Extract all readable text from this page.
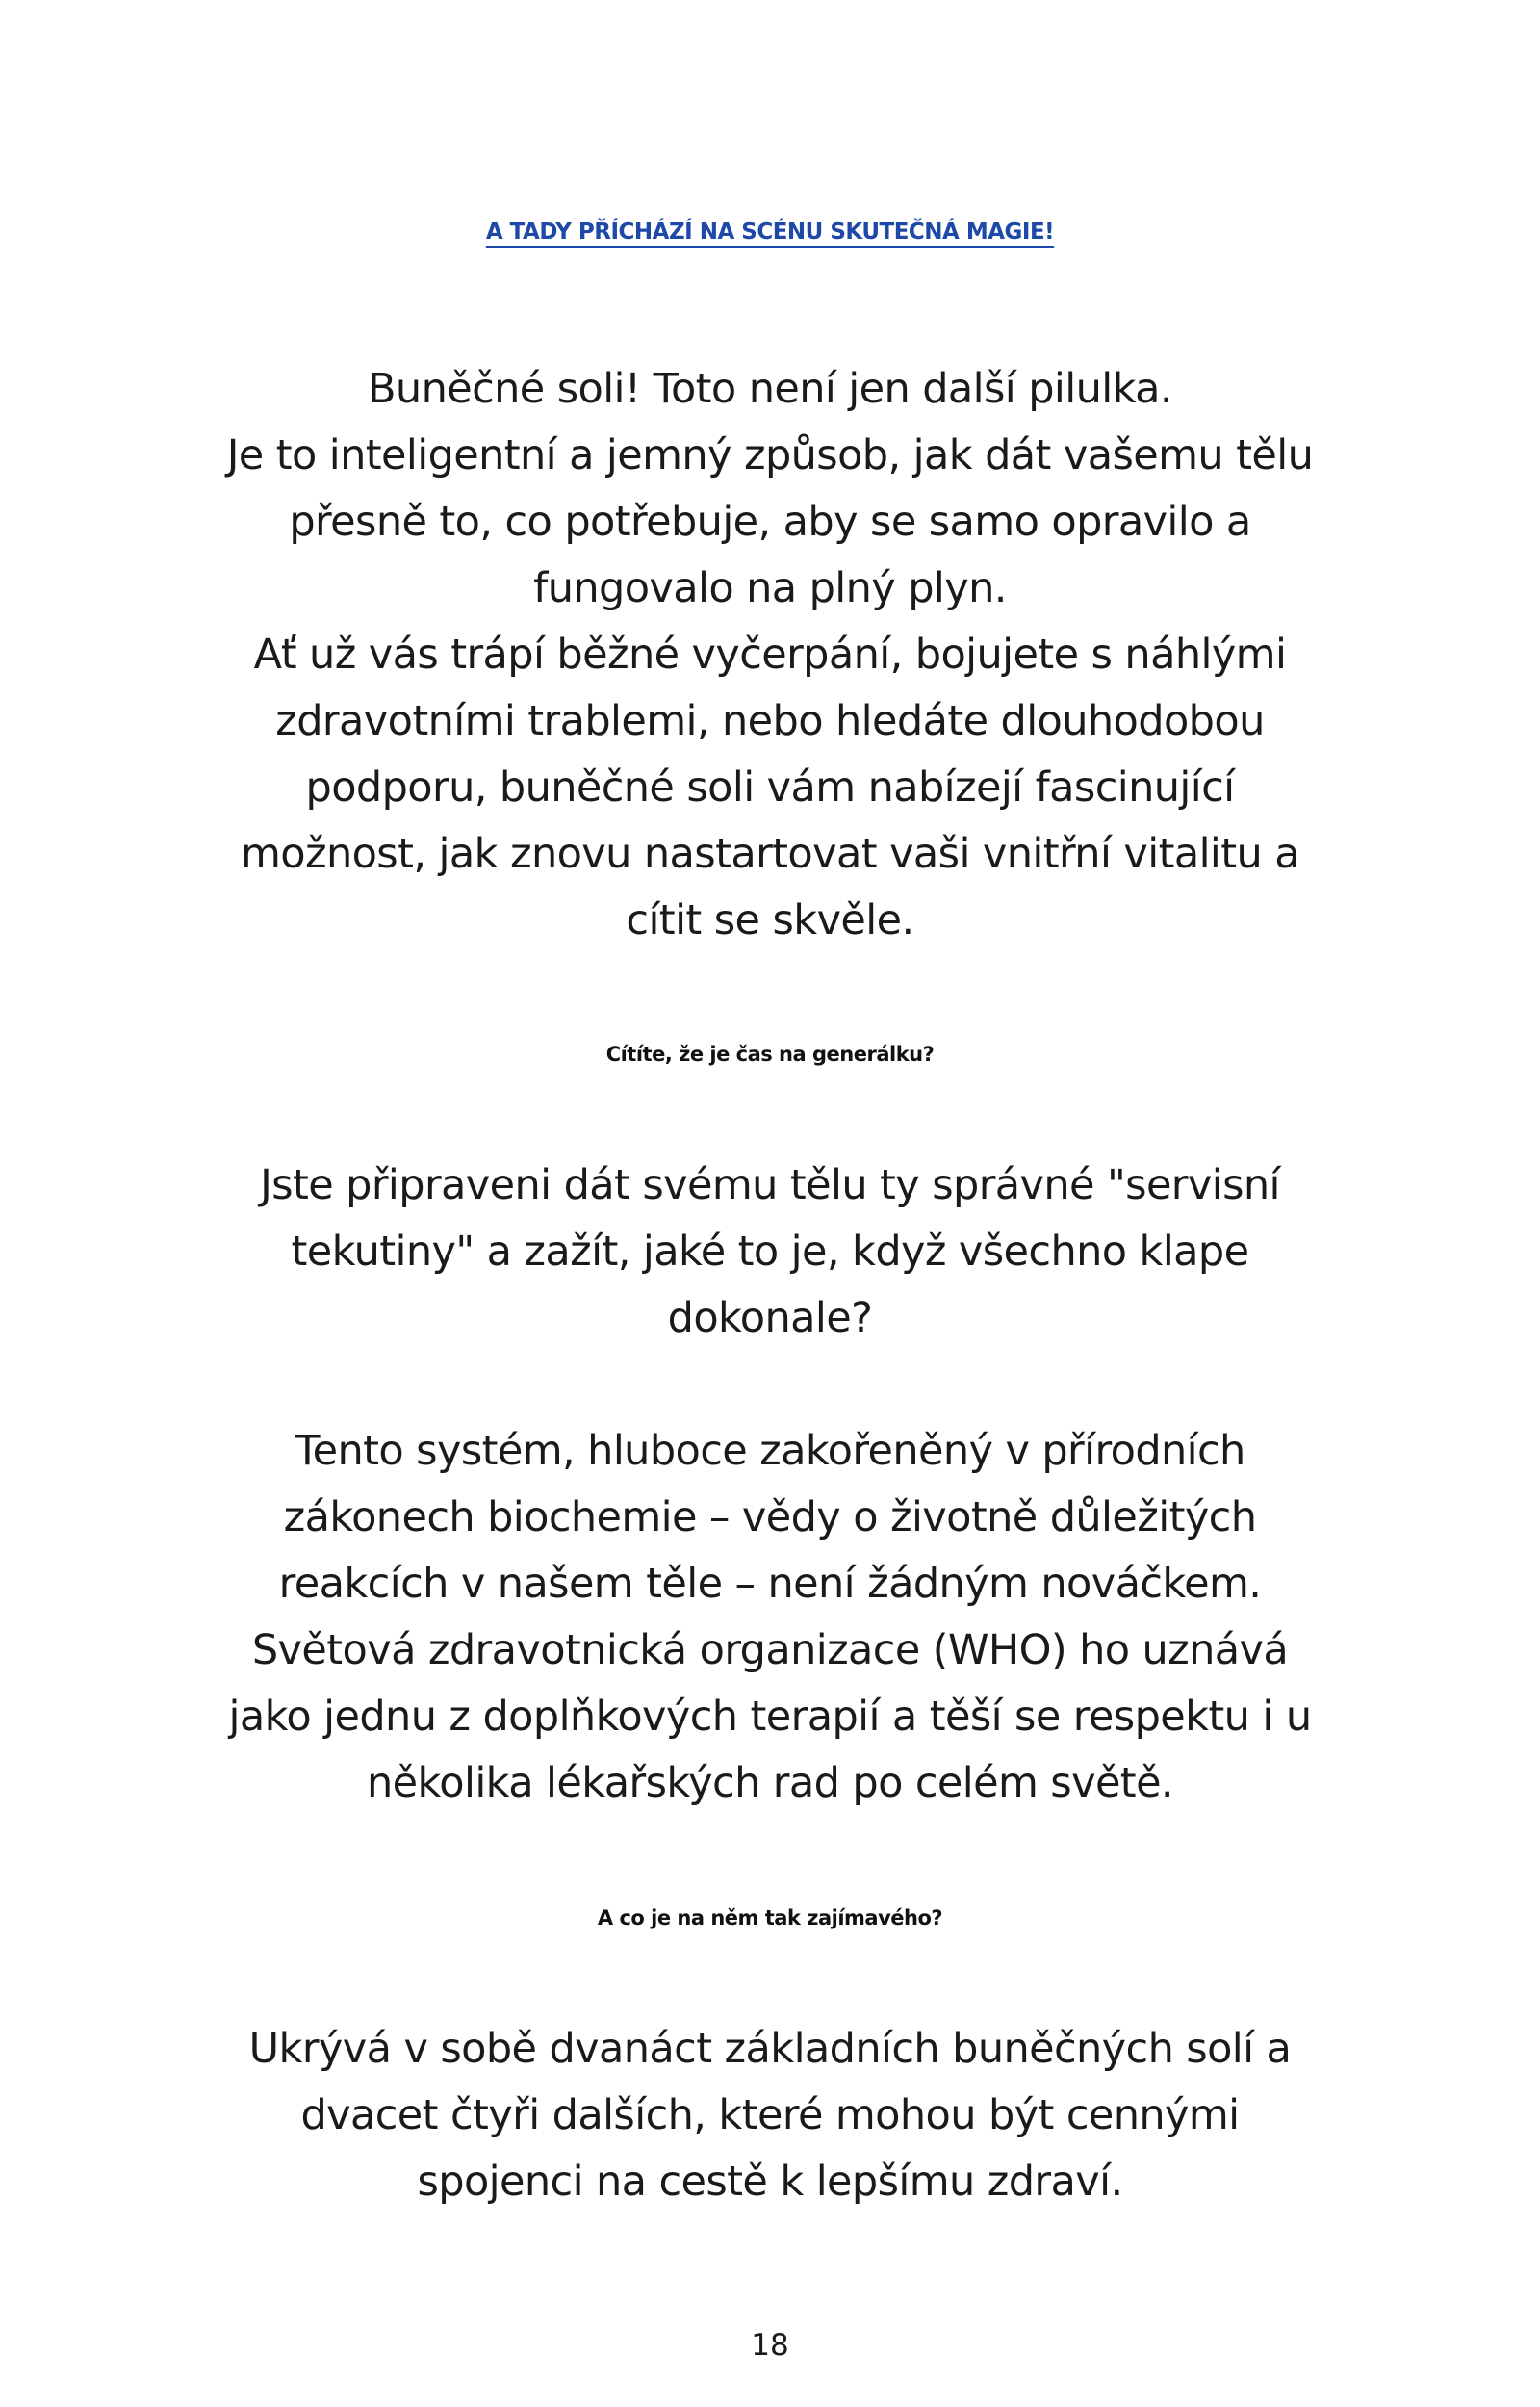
A TADY PŘÍCHÁZÍ NA SCÉNU SKUTEČNÁ MAGIE!

Buněčné soli! Toto není jen další pilulka.
Je to inteligentní a jemný způsob, jak dát vašemu tělu
přesně to, co potřebuje, aby se samo opravilo a
fungovalo na plný plyn.
Ať už vás trápí běžné vyčerpání, bojujete s náhlými
zdravotními trablemi, nebo hledáte dlouhodobou
podporu, buněčné soli vám nabízejí fascinující
možnost, jak znovu nastartovat vaši vnitřní vitalitu a
cítit se skvěle.

Cítíte, že je čas na generálku?

Jste připraveni dát svému tělu ty správné "servisní
tekutiny" a zažít, jaké to je, když všechno klape
dokonale?

Tento systém, hluboce zakořeněný v přírodních
zákonech biochemie – vědy o životně důležitých
reakcích v našem těle – není žádným nováčkem.
Světová zdravotnická organizace (WHO) ho uznává
jako jednu z doplňkových terapií a těší se respektu i u
několika lékařských rad po celém světě.

A co je na něm tak zajímavého?

Ukrývá v sobě dvanáct základních buněčných solí a
dvacet čtyři dalších, které mohou být cennými
spojenci na cestě k lepšímu zdraví.

18
